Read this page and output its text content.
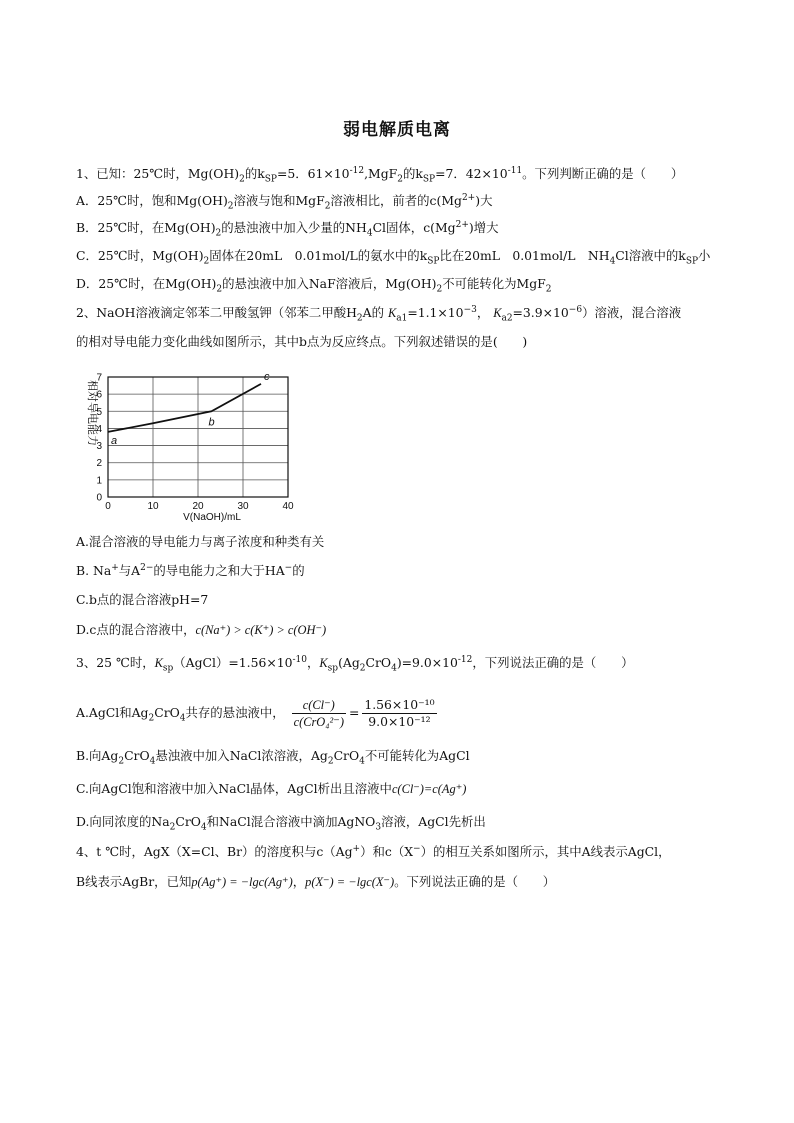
弱电解质电离
1、已知：25℃时，$Mg(OH)_2$的$k_{SP}=5$．$61\times 10^{-12},MgF_2$的$k_{SP}=7$．$42\times 10^{-11}$。下列判断正确的是（　　）
A．25℃时，饱和$Mg(OH)_2$溶液与饱和MgF$_2$溶液相比，前者的$c(Mg^{2+})$大
B．25℃时，在$Mg(OH)_2$的悬浊液中加入少量的$NH_4Cl$固体，$c(Mg^{2+})$增大
C．25℃时，$Mg(OH)_2$固体在20mL　0.01mol/L的氨水中的$k_{SP}$比在20mL　0.01mol/L　$NH_4Cl$溶液中的$k_{SP}$小
D．25℃时，在$Mg(OH)_2$的悬浊液中加入NaF溶液后，$Mg(OH)_2$不可能转化为MgF$_2$
2、NaOH溶液滴定邻苯二甲酸氢钾（邻苯二甲酸$H_2A$的 $K_{a1}=1.1\times 10^{-3}$， $K_{a2}=3.9\times 10^{-6}$）溶液，混合溶液
的相对导电能力变化曲线如图所示，其中b点为反应终点。下列叙述错误的是(　　)
0
1
2
3
4
5
6
7
0	10	20	30	40
a
b
c
V(NaOH)/mL
相对导电能力
A.混合溶液的导电能力与离子浓度和种类有关
B. Na+与$A^{2-}$的导电能力之和大于HA−的
C.b点的混合溶液pH=7
D.c点的混合溶液中，c(Na⁺) > c(K⁺) > c(OH⁻)
3、25 ℃时，$K_{sp}(AgCl)=1.56\times 10^{-10}$，$K_{sp}(Ag_2CrO_4)=9.0\times 10^{-12}$，下列说法正确的是（　　）
A.AgCl和$Ag_2CrO_4$共存的悬浊液中， $\frac{c(Cl^-)}{\text{c(CrO₄²⁻)}} = \frac{\text{1.56×10⁻¹⁰}}{\text{9.0×10⁻¹²}}$
B.向$Ag_2CrO_4$悬浊液中加入NaCl浓溶液，$Ag_2CrO_4$不可能转化为AgCl
C.向AgCl饱和溶液中加入NaCl晶体，AgCl析出且溶液中c(Cl⁻)=c(Ag⁺)
D.向同浓度的$Na_2CrO_4$和NaCl混合溶液中滴加AgNO$_3$溶液，AgCl先析出
4、t ℃时，AgX（X=Cl、Br）的溶度积与c（Ag+）和c（X−）的相互关系如图所示，其中A线表示AgCl，
B线表示AgBr，已知p(Ag⁺) = −lgc(Ag⁺)，p(X⁻) = −lgc(X⁻)。下列说法正确的是（　　）
